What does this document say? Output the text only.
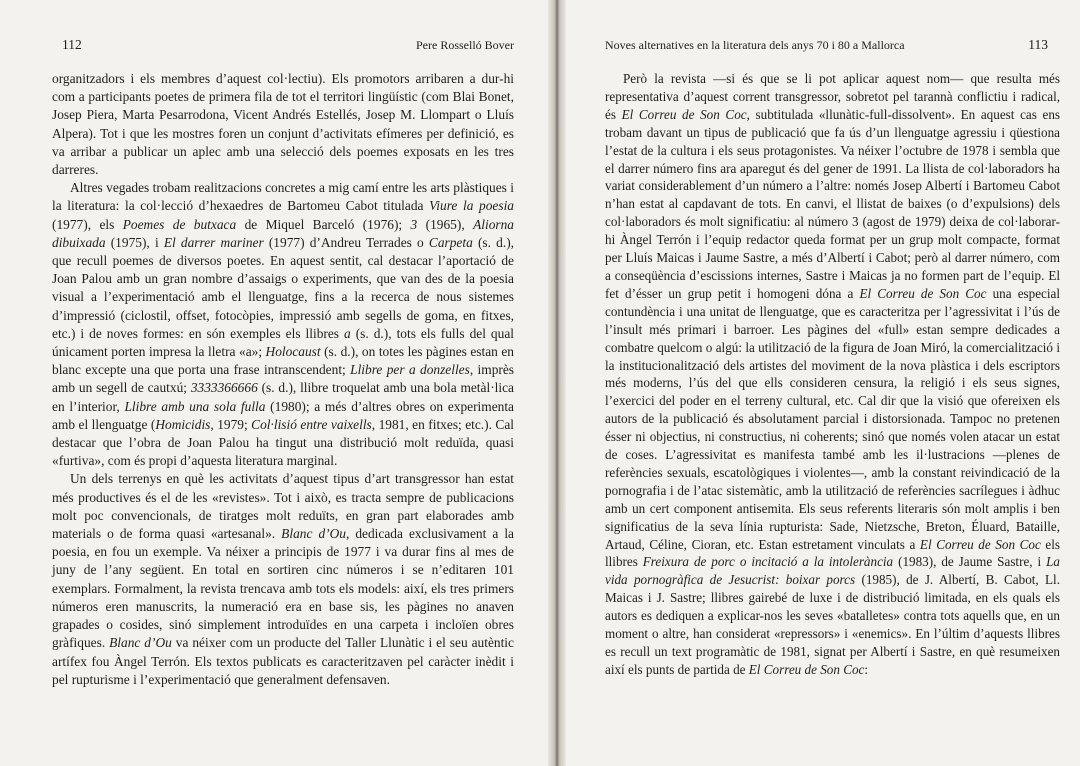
112	Pere Rosselló Bover

organitzadors i els membres d’aquest col·lectiu). Els promotors arribaren a dur-hi com a participants poetes de primera fila de tot el territori lingüístic (com Blai Bonet, Josep Piera, Marta Pesarrodona, Vicent Andrés Estellés, Josep M. Llompart o Lluís Alpera). Tot i que les mostres foren un conjunt d’activitats efímeres per definició, es va arribar a publicar un aplec amb una selecció dels poemes exposats en les tres darreres.

Altres vegades trobam realitzacions concretes a mig camí entre les arts plàstiques i la literatura: la col·lecció d’hexaedres de Bartomeu Cabot titulada Viure la poesia (1977), els Poemes de butxaca de Miquel Barceló (1976); 3 (1965), Aliorna dibuixada (1975), i El darrer mariner (1977) d’Andreu Terrades o Carpeta (s. d.), que recull poemes de diversos poetes. En aquest sentit, cal destacar l’aportació de Joan Palou amb un gran nombre d’assaigs o experiments, que van des de la poesia visual a l’experimentació amb el llenguatge, fins a la recerca de nous sistemes d’impressió (ciclostil, offset, fotocòpies, impressió amb segells de goma, en fitxes, etc.) i de noves formes: en són exemples els llibres a (s. d.), tots els fulls del qual únicament porten impresa la lletra «a»; Holocaust (s. d.), on totes les pàgines estan en blanc excepte una que porta una frase intranscendent; Llibre per a donzelles, imprès amb un segell de cautxú; 3333366666 (s. d.), llibre troquelat amb una bola metàl·lica en l’interior, Llibre amb una sola fulla (1980); a més d’altres obres on experimenta amb el llenguatge (Homicidis, 1979; Col·lisió entre vaixells, 1981, en fitxes; etc.). Cal destacar que l’obra de Joan Palou ha tingut una distribució molt reduïda, quasi «furtiva», com és propi d’aquesta literatura marginal.

Un dels terrenys en què les activitats d’aquest tipus d’art transgressor han estat més productives és el de les «revistes». Tot i això, es tracta sempre de publicacions molt poc convencionals, de tiratges molt reduïts, en gran part elaborades amb materials o de forma quasi «artesanal». Blanc d’Ou, dedicada exclusivament a la poesia, en fou un exemple. Va néixer a principis de 1977 i va durar fins al mes de juny de l’any següent. En total en sortiren cinc números i se n’editaren 101 exemplars. Formalment, la revista trencava amb tots els models: així, els tres primers números eren manuscrits, la numeració era en base sis, les pàgines no anaven grapades o cosides, sinó simplement introduïdes en una carpeta i incloïen obres gràfiques. Blanc d’Ou va néixer com un producte del Taller Llunàtic i el seu autèntic artífex fou Àngel Terrón. Els textos publicats es caracteritzaven pel caràcter inèdit i pel rupturisme i l’experimentació que generalment defensaven.

Noves alternatives en la literatura dels anys 70 i 80 a Mallorca	113

Però la revista —si és que se li pot aplicar aquest nom— que resulta més representativa d’aquest corrent transgressor, sobretot pel tarannà conflictiu i radical, és El Correu de Son Coc, subtitulada «llunàtic-full-dissolvent». En aquest cas ens trobam davant un tipus de publicació que fa ús d’un llenguatge agressiu i qüestiona l’estat de la cultura i els seus protagonistes. Va néixer l’octubre de 1978 i sembla que el darrer número fins ara aparegut és del gener de 1991. La llista de col·laboradors ha variat considerablement d’un número a l’altre: només Josep Albertí i Bartomeu Cabot n’han estat al capdavant de tots. En canvi, el llistat de baixes (o d’expulsions) dels col·laboradors és molt significatiu: al número 3 (agost de 1979) deixa de col·laborar-hi Àngel Terrón i l’equip redactor queda format per un grup molt compacte, format per Lluís Maicas i Jaume Sastre, a més d’Albertí i Cabot; però al darrer número, com a conseqüència d’escissions internes, Sastre i Maicas ja no formen part de l’equip. El fet d’ésser un grup petit i homogeni dóna a El Correu de Son Coc una especial contundència i una unitat de llenguatge, que es caracteritza per l’agressivitat i l’ús de l’insult més primari i barroer. Les pàgines del «full» estan sempre dedicades a combatre quelcom o algú: la utilització de la figura de Joan Miró, la comercialització i la institucionalització dels artistes del moviment de la nova plàstica i dels escriptors més moderns, l’ús del que ells consideren censura, la religió i els seus signes, l’exercici del poder en el terreny cultural, etc. Cal dir que la visió que ofereixen els autors de la publicació és absolutament parcial i distorsionada. Tampoc no pretenen ésser ni objectius, ni constructius, ni coherents; sinó que només volen atacar un estat de coses. L’agressivitat es manifesta també amb les il·lustracions —plenes de referències sexuals, escatològiques i violentes—, amb la constant reivindicació de la pornografia i de l’atac sistemàtic, amb la utilització de referències sacrílegues i àdhuc amb un cert component antisemita. Els seus referents literaris són molt amplis i ben significatius de la seva línia rupturista: Sade, Nietzsche, Breton, Éluard, Bataille, Artaud, Céline, Cioran, etc. Estan estretament vinculats a El Correu de Son Coc els llibres Freixura de porc o incitació a la intolerància (1983), de Jaume Sastre, i La vida pornogràfica de Jesucrist: boixar porcs (1985), de J. Albertí, B. Cabot, Ll. Maicas i J. Sastre; llibres gairebé de luxe i de distribució limitada, en els quals els autors es dediquen a explicar-nos les seves «batalletes» contra tots aquells que, en un moment o altre, han considerat «repressors» i «enemics». En l’últim d’aquests llibres es recull un text programàtic de 1981, signat per Albertí i Sastre, en què resumeixen així els punts de partida de El Correu de Son Coc:
